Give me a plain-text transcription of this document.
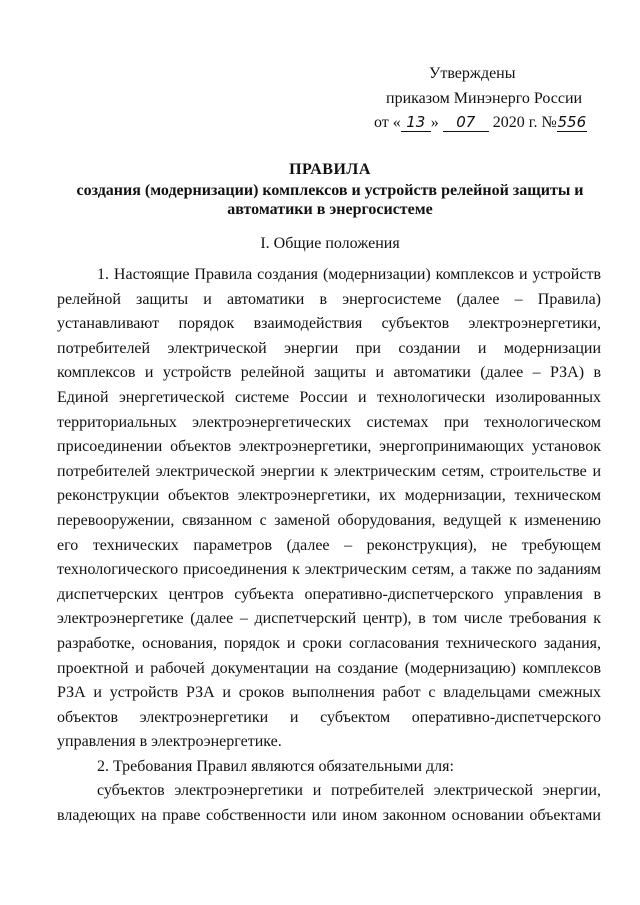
Утверждены
приказом Минэнерго России
от « 13 » 07 2020 г. №556
ПРАВИЛА
создания (модернизации) комплексов и устройств релейной защиты и автоматики в энергосистеме
I. Общие положения

1. Настоящие Правила создания (модернизации) комплексов и устройств релейной защиты и автоматики в энергосистеме (далее – Правила) устанавливают порядок взаимодействия субъектов электроэнергетики, потребителей электрической энергии при создании и модернизации комплексов и устройств релейной защиты и автоматики (далее – РЗА) в Единой энергетической системе России и технологически изолированных территориальных электроэнергетических системах при технологическом присоединении объектов электроэнергетики, энергопринимающих установок потребителей электрической энергии к электрическим сетям, строительстве и реконструкции объектов электроэнергетики, их модернизации, техническом перевооружении, связанном с заменой оборудования, ведущей к изменению его технических параметров (далее – реконструкция), не требующем технологического присоединения к электрическим сетям, а также по заданиям диспетчерских центров субъекта оперативно-диспетчерского управления в электроэнергетике (далее – диспетчерский центр), в том числе требования к разработке, основания, порядок и сроки согласования технического задания, проектной и рабочей документации на создание (модернизацию) комплексов РЗА и устройств РЗА и сроков выполнения работ с владельцами смежных объектов электроэнергетики и субъектом оперативно-диспетчерского управления в электроэнергетике.

2. Требования Правил являются обязательными для:

субъектов электроэнергетики и потребителей электрической энергии, владеющих на праве собственности или ином законном основании объектами
